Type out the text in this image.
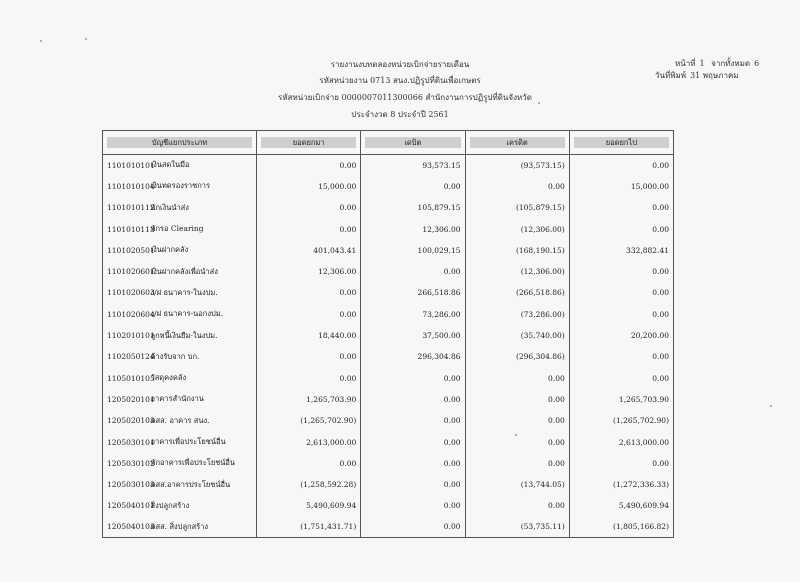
รายงานงบทดลองหน่วยเบิกจ่ายรายเดือน
รหัสหน่วยงาน 0713 สนง.ปฏิรูปที่ดินเพื่อเกษตร
รหัสหน่วยเบิกจ่าย 0000007011300066 สำนักงานการปฏิรูปที่ดินจังหวัด
ประจำงวด 8 ประจำปี 2561
หน้าที่ 1 จากทั้งหมด 6
วันที่พิมพ์ 31 พฤษภาคม
บัญชีแยกประเภท		ยอดยกมา	เดบิต	เครดิต	ยอดยกไป

1101010101	เงินสดในมือ	0.00	93,573.15	(93,573.15)	0.00
1101010104	เงินทดรองราชการ	15,000.00	0.00	0.00	15,000.00
1101010112	พักเงินนำส่ง	0.00	105,879.15	(105,879.15)	0.00
1101010113	พักรอ Clearing	0.00	12,306.00	(12,306.00)	0.00
1101020501	เงินฝากคลัง	401,043.41	100,029.15	(168,190.15)	332,882.41
1101020601	เงินฝากคลังเพื่อนำส่ง	12,306.00	0.00	(12,306.00)	0.00
1101020603	ง/ฝ ธนาคาร-ในงปม.	0.00	266,518.86	(266,518.86)	0.00
1101020604	ง/ฝ ธนาคาร-นอกงปม.	0.00	73,286.00	(73,286.00)	0.00
1102010101	ลูกหนี้เงินยืม-ในงปม.	18,440.00	37,500.00	(35,740.00)	20,200.00
1102050124	ค้างรับจาก บก.	0.00	296,304.86	(296,304.86)	0.00
1105010105	วัสดุคงคลัง	0.00	0.00	0.00	0.00
1205020101	อาคารสำนักงาน	1,265,703.90	0.00	0.00	1,265,703.90
1205020103	คสส. อาคาร สนง.	(1,265,702.90)	0.00	0.00	(1,265,702.90)
1205030101	อาคารเพื่อประโยชน์อื่น	2,613,000.00	0.00	0.00	2,613,000.00
1205030102	พักอาคารเพื่อประโยชน์อื่น	0.00	0.00	0.00	0.00
1205030103	คสส.อาคารประโยชน์อื่น	(1,258,592.28)	0.00	(13,744.05)	(1,272,336.33)
1205040101	สิ่งปลูกสร้าง	5,490,609.94	0.00	0.00	5,490,609.94
1205040103	คสส. สิ่งปลูกสร้าง	(1,751,431.71)	0.00	(53,735.11)	(1,805,166.82)
